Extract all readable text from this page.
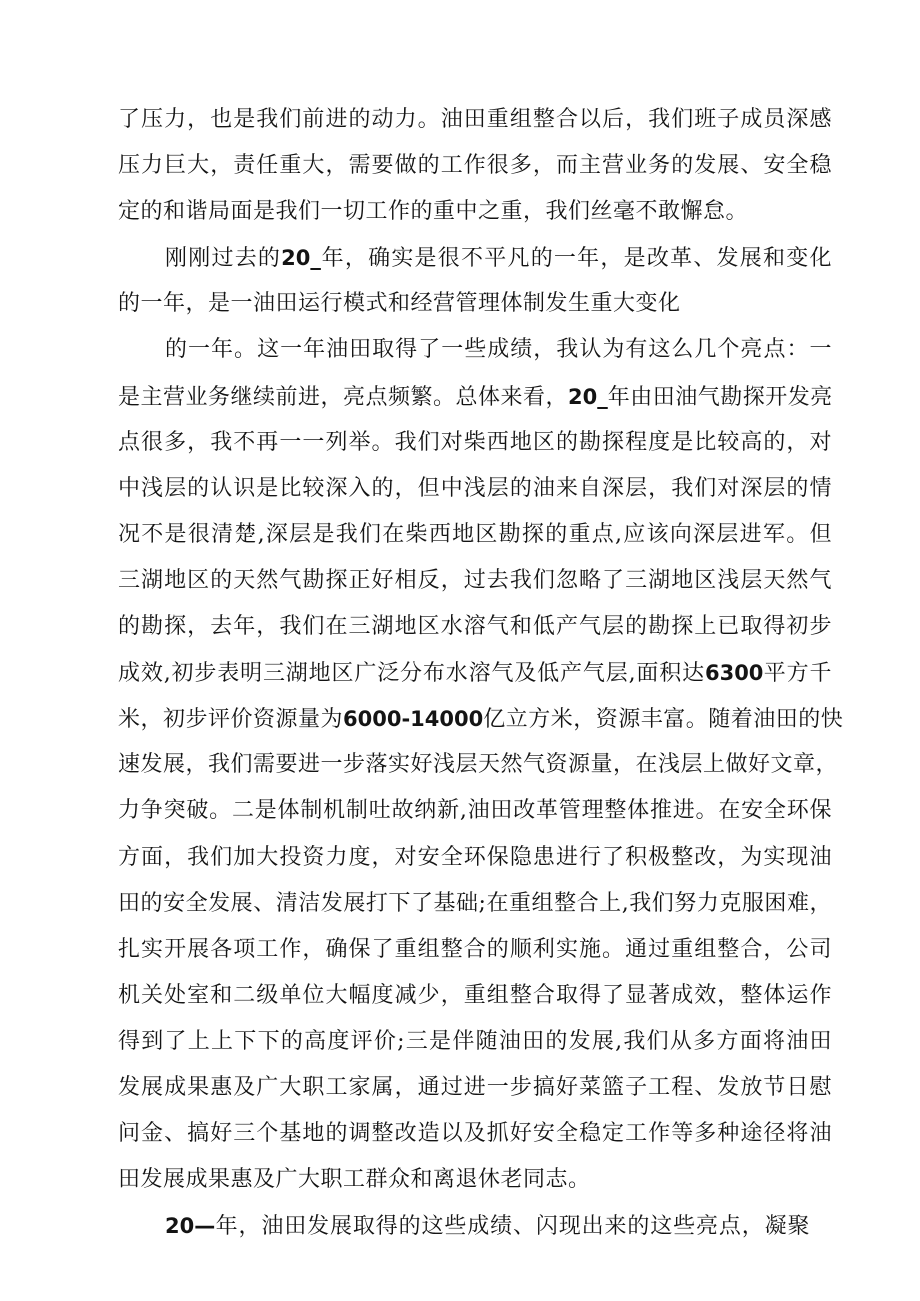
了压力，也是我们前进的动力。油田重组整合以后，我们班子成员深感
压力巨大，责任重大，需要做的工作很多，而主营业务的发展、安全稳
定的和谐局面是我们一切工作的重中之重，我们丝毫不敢懈怠。
刚刚过去的20_年，确实是很不平凡的一年，是改革、发展和变化
的一年，是一油田运行模式和经营管理体制发生重大变化
的一年。这一年油田取得了一些成绩，我认为有这么几个亮点：一
是主营业务继续前进，亮点频繁。总体来看，20_年由田油气勘探开发亮
点很多，我不再一一列举。我们对柴西地区的勘探程度是比较高的，对
中浅层的认识是比较深入的，但中浅层的油来自深层，我们对深层的情
况不是很清楚,深层是我们在柴西地区勘探的重点,应该向深层进军。但
三湖地区的天然气勘探正好相反，过去我们忽略了三湖地区浅层天然气
的勘探，去年，我们在三湖地区水溶气和低产气层的勘探上已取得初步
成效,初步表明三湖地区广泛分布水溶气及低产气层,面积达6300平方千
米，初步评价资源量为6000-14000亿立方米，资源丰富。随着油田的快
速发展，我们需要进一步落实好浅层天然气资源量，在浅层上做好文章，
力争突破。二是体制机制吐故纳新,油田改革管理整体推进。在安全环保
方面，我们加大投资力度，对安全环保隐患进行了积极整改，为实现油
田的安全发展、清洁发展打下了基础;在重组整合上,我们努力克服困难，
扎实开展各项工作，确保了重组整合的顺利实施。通过重组整合，公司
机关处室和二级单位大幅度减少，重组整合取得了显著成效，整体运作
得到了上上下下的高度评价;三是伴随油田的发展,我们从多方面将油田
发展成果惠及广大职工家属，通过进一步搞好菜篮子工程、发放节日慰
问金、搞好三个基地的调整改造以及抓好安全稳定工作等多种途径将油
田发展成果惠及广大职工群众和离退休老同志。
20—年，油田发展取得的这些成绩、闪现出来的这些亮点，凝聚
